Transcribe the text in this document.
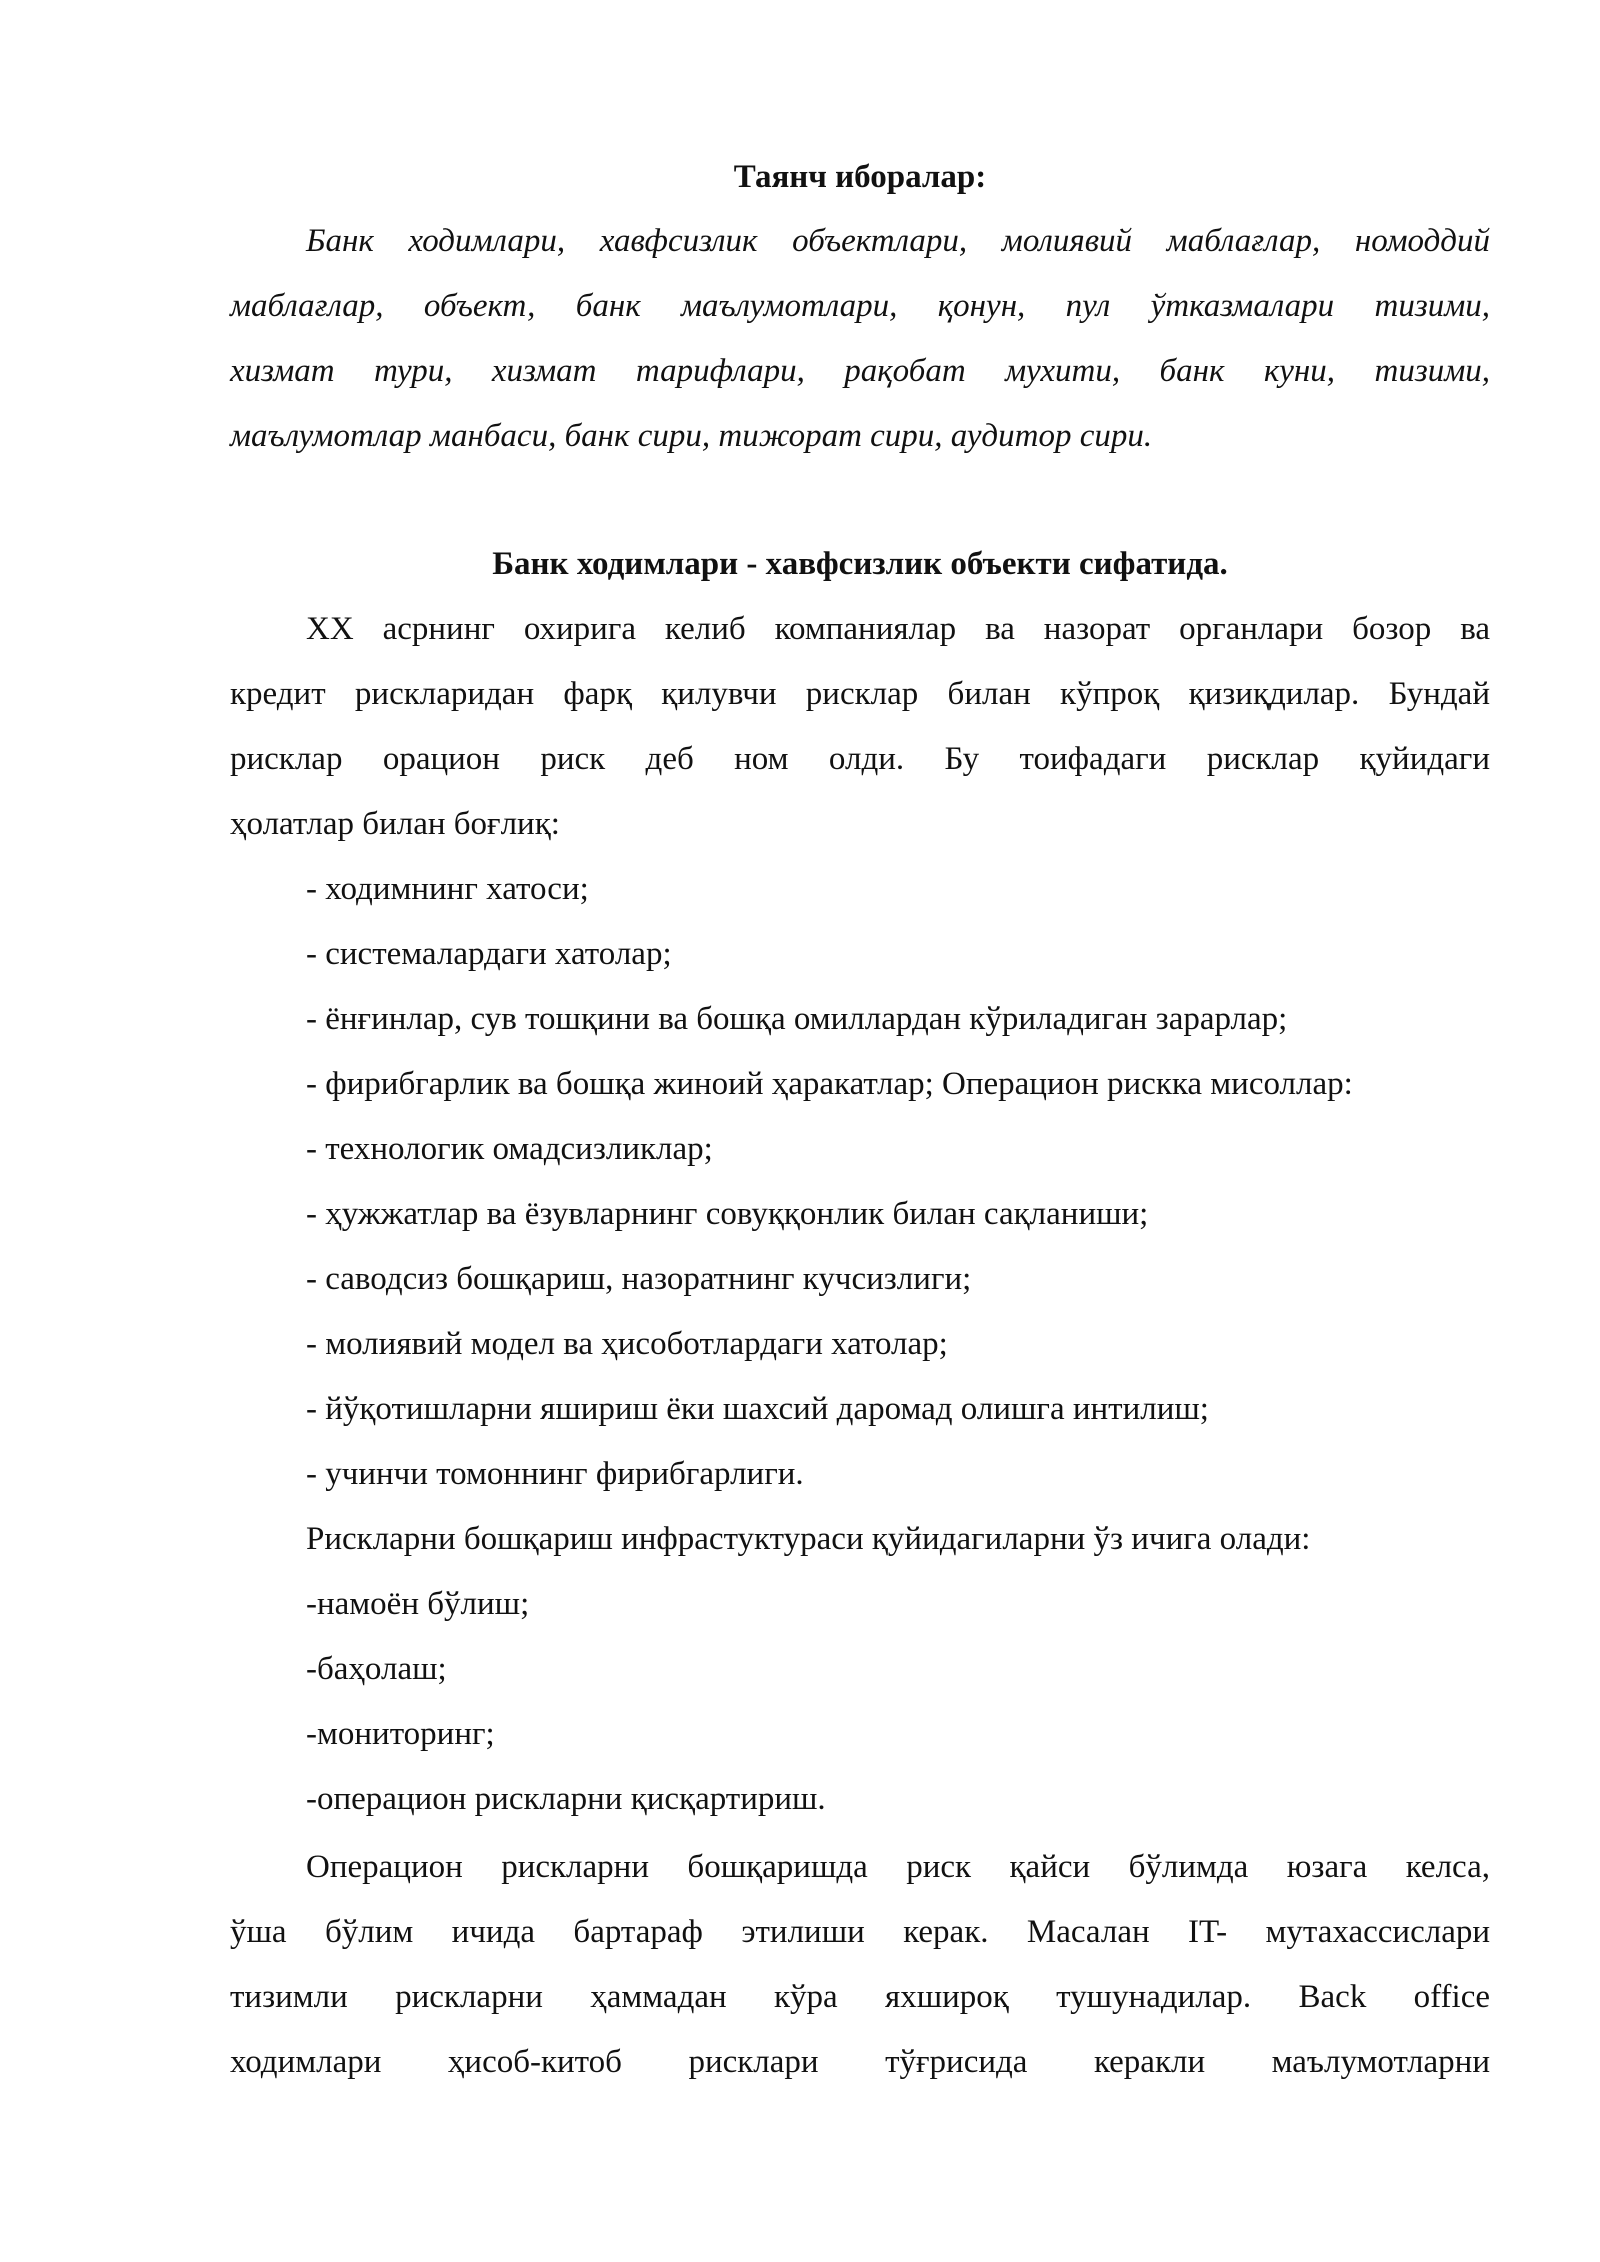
Таянч иборалар:
Банк ходимлари, хавфсизлик объектлари, молиявий маблағлар, номоддий
маблағлар, объект, банк маълумотлари, қонун, пул ўтказмалари тизими,
хизмат тури, хизмат тарифлари, рақобат мухити, банк куни, тизими,
маълумотлар манбаси, банк сири, тижорат сири, аудитор сири.
Банк ходимлари - хавфсизлик объекти сифатида.
XX асрнинг охирига келиб компаниялар ва назорат органлари бозор ва
кредит рискларидан фарқ қилувчи рисклар билан кўпроқ қизиқдилар. Бундай
рисклар орацион риск деб ном олди. Бу тоифадаги рисклар қуйидаги
ҳолатлар билан боғлиқ:
- ходимнинг хатоси;
- системалардаги хатолар;
- ёнғинлар, сув тошқини ва бошқа омиллардан кўриладиган зарарлар;
- фирибгарлик ва бошқа жиноий ҳаракатлар; Операцион рискка мисоллар:
- технологик омадсизликлар;
- ҳужжатлар ва ёзувларнинг совуққонлик билан сақланиши;
- саводсиз бошқариш, назоратнинг кучсизлиги;
- молиявий модел ва ҳисоботлардаги хатолар;
- йўқотишларни яшириш ёки шахсий даромад олишга интилиш;
- учинчи томоннинг фирибгарлиги.
Рискларни бошқариш инфрастуктураси қуйидагиларни ўз ичига олади:
-намоён бўлиш;
-баҳолаш;
-мониторинг;
-операцион рискларни қисқартириш.
Операцион рискларни бошқаришда риск қайси бўлимда юзага келса,
ўша бўлим ичида бартараф этилиши керак. Масалан IT- мутахассислари
тизимли рискларни ҳаммадан кўра яхшироқ тушунадилар. Back office
ходимлари ҳисоб-китоб рисклари тўғрисида керакли маълумотларни
